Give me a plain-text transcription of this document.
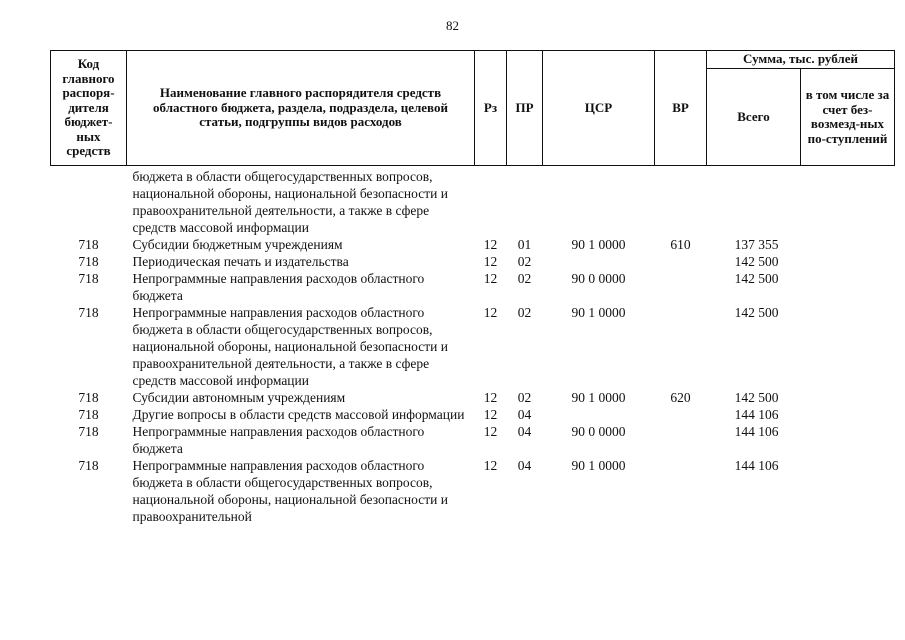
82
Код главного распоря-дителя бюджет-ных средств	Наименование главного распорядителя средств областного бюджета, раздела, подраздела, целевой статьи, подгруппы видов расходов	Рз	ПР	ЦСР	ВР	Сумма, тыс. рублей	
						Всего	в том числе за счет без-возмезд-ных по-ступлений
	бюджета в области общегосударственных вопросов, национальной обороны, национальной безопасности и правоохранительной деятельности, а также в сфере средств массовой информации						
718	Субсидии бюджетным учреждениям	12	01	90 1 0000	610	137 355	
718	Периодическая печать и издательства	12	02			142 500	
718	Непрограммные направления расходов областного бюджета	12	02	90 0 0000		142 500	
718	Непрограммные направления расходов областного бюджета в области общегосударственных вопросов, национальной обороны, национальной безопасности и правоохранительной деятельности, а также в сфере средств массовой информации	12	02	90 1 0000		142 500	
718	Субсидии автономным учреждениям	12	02	90 1 0000	620	142 500	
718	Другие вопросы в области средств массовой информации	12	04			144 106	
718	Непрограммные направления расходов областного бюджета	12	04	90 0 0000		144 106	
718	Непрограммные направления расходов областного бюджета в области общегосударственных вопросов, национальной обороны, национальной безопасности и правоохранительной	12	04	90 1 0000		144 106	
